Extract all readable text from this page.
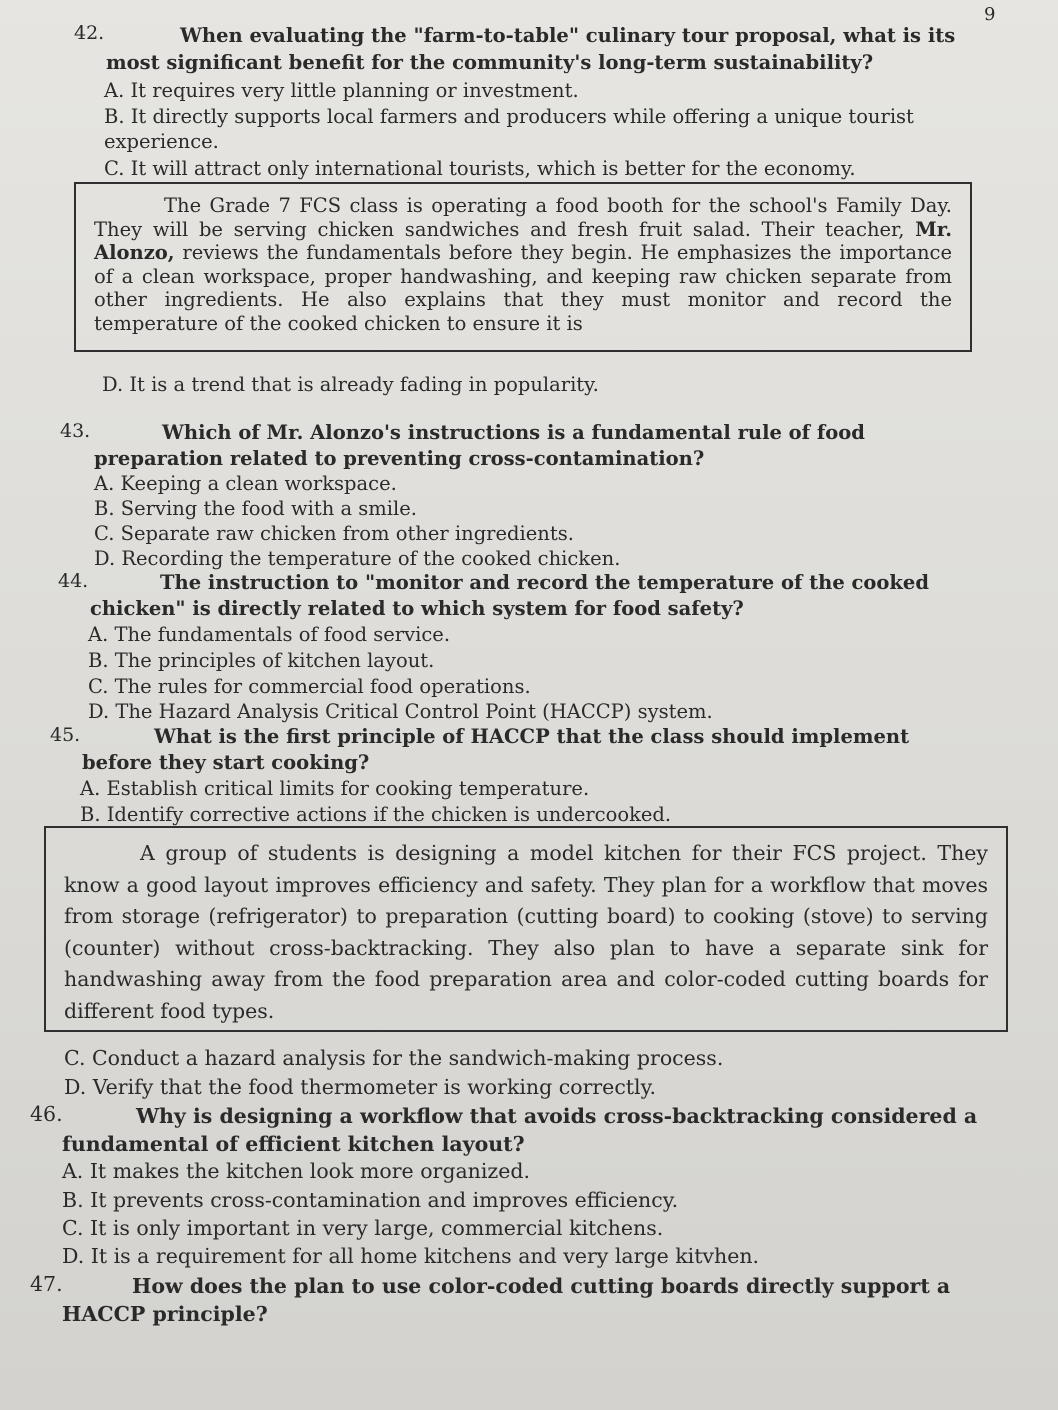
9
42.	When evaluating the "farm-to-table" culinary tour proposal, what is its most significant benefit for the community's long-term sustainability?
A. It requires very little planning or investment.
B. It directly supports local farmers and producers while offering a unique tourist experience.
C. It will attract only international tourists, which is better for the economy.

The Grade 7 FCS class is operating a food booth for the school's Family Day. They will be serving chicken sandwiches and fresh fruit salad. Their teacher, Mr. Alonzo, reviews the fundamentals before they begin. He emphasizes the importance of a clean workspace, proper handwashing, and keeping raw chicken separate from other ingredients. He also explains that they must monitor and record the temperature of the cooked chicken to ensure it is

D. It is a trend that is already fading in popularity.
43.	Which of Mr. Alonzo's instructions is a fundamental rule of food preparation related to preventing cross-contamination?
A. Keeping a clean workspace.
B. Serving the food with a smile.
C. Separate raw chicken from other ingredients.
D. Recording the temperature of the cooked chicken.
44.	The instruction to "monitor and record the temperature of the cooked chicken" is directly related to which system for food safety?
A. The fundamentals of food service.
B. The principles of kitchen layout.
C. The rules for commercial food operations.
D. The Hazard Analysis Critical Control Point (HACCP) system.
45.	What is the first principle of HACCP that the class should implement before they start cooking?
A. Establish critical limits for cooking temperature.
B. Identify corrective actions if the chicken is undercooked.

A group of students is designing a model kitchen for their FCS project. They know a good layout improves efficiency and safety. They plan for a workflow that moves from storage (refrigerator) to preparation (cutting board) to cooking (stove) to serving (counter) without cross-backtracking. They also plan to have a separate sink for handwashing away from the food preparation area and color-coded cutting boards for different food types.

C. Conduct a hazard analysis for the sandwich-making process.
D. Verify that the food thermometer is working correctly.
46.	Why is designing a workflow that avoids cross-backtracking considered a fundamental of efficient kitchen layout?
A. It makes the kitchen look more organized.
B. It prevents cross-contamination and improves efficiency.
C. It is only important in very large, commercial kitchens.
D. It is a requirement for all home kitchens and very large kitvhen.
47.	How does the plan to use color-coded cutting boards directly support a HACCP principle?
